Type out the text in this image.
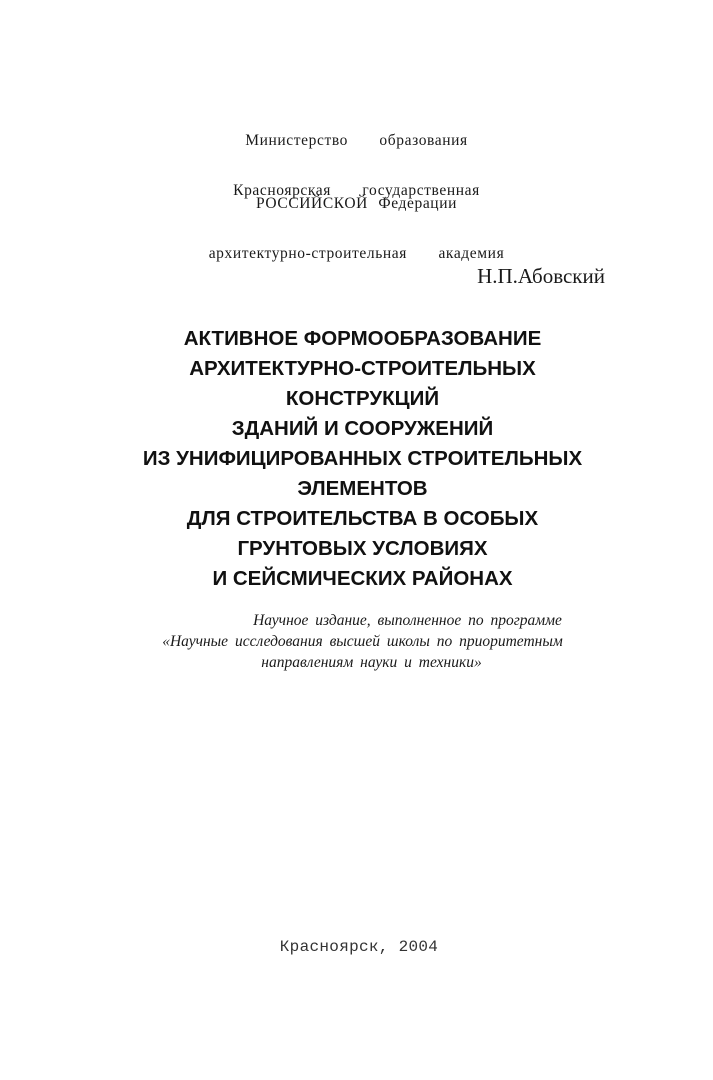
Министерство   образования

РОССИЙСКОЙ Федерации

Красноярская   государственная

архитектурно-строительная   академия

Н.П.Абовский
АКТИВНОЕ ФОРМООБРАЗОВАНИЕ
АРХИТЕКТУРНО-СТРОИТЕЛЬНЫХ
КОНСТРУКЦИЙ
ЗДАНИЙ И СООРУЖЕНИЙ
ИЗ УНИФИЦИРОВАННЫХ СТРОИТЕЛЬНЫХ
ЭЛЕМЕНТОВ
ДЛЯ СТРОИТЕЛЬСТВА В ОСОБЫХ
ГРУНТОВЫХ УСЛОВИЯХ
И СЕЙСМИЧЕСКИХ РАЙОНАХ
Научное издание, выполненное по программе
«Научные исследования высшей школы по приоритетным
направлениям науки и техники»
Красноярск, 2004
